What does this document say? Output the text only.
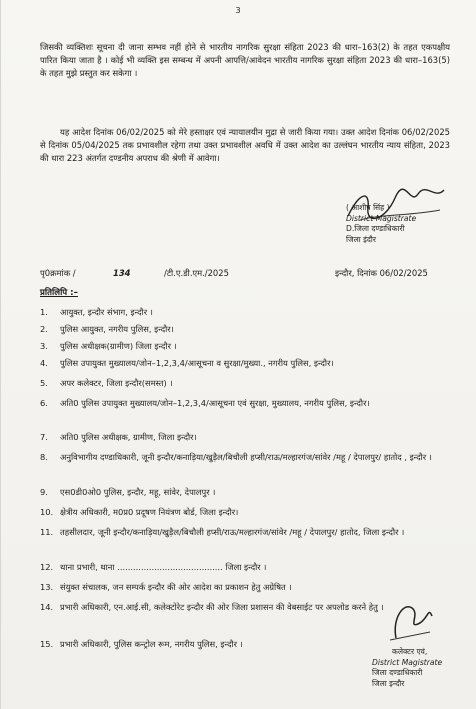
3
जिसकी व्यक्तिशः सूचना दी जाना सम्भव नहीं होने से भारतीय नागरिक सुरक्षा संहिता 2023 की धारा–163(2) के तहत एकपक्षीय पारित किया जाता है । कोई भी व्यक्ति इस सम्बन्ध में अपनी आपत्ति/आवेदन भारतीय नागरिक सुरक्षा संहिता 2023 की धारा–163(5) के तहत मुझे प्रस्तुत कर सकेगा ।
यह आदेश दिनांक 06/02/2025 को मेरे हस्ताक्षर एवं न्यायालयीन मुद्रा से जारी किया गया। उक्त आदेश दिनांक 06/02/2025 से दिनांक 05/04/2025 तक प्रभावशील रहेगा तथा उक्त प्रभावशील अवधि में उक्त आदेश का उल्लंघन भारतीय न्याय संहिता, 2023 की धारा 223 अंतर्गत दण्डनीय अपराध की श्रेणी में आवेगा।
( आशीष सिंह )
District Magistrate
D.जिला दण्डाधिकारी
जिला इंदौर
पृ0क्रमांक /	134	/टी.ए.डी.एम./2025	इन्दौर, दिनांक 06/02/2025
प्रतिलिपि :–
1.	आयुक्त, इन्दौर संभाग, इन्दौर ।
2.	पुलिस आयुक्त, नगरीय पुलिस, इन्दौर।
3.	पुलिस अधीक्षक(ग्रामीण) जिला इन्दौर ।
4.	पुलिस उपायुक्त मुख्यालय/जोन–1,2,3,4/आसूचना व सुरक्षा/मुख्या., नगरीय पुलिस, इन्दौर।
5.	अपर कलेक्टर, जिला इन्दौर(समस्त) ।
6.	अति0 पुलिस उपायुक्त मुख्यालय/जोन–1,2,3,4/आसूचना एवं सुरक्षा, मुख्यालय, नगरीय पुलिस, इन्दौर।
7.	अति0 पुलिस अधीक्षक, ग्रामीण, जिला इन्दौर।
8.	अनुविभागीय दण्डाधिकारी, जूनी इन्दौर/कनाड़िया/खुड़ैल/बिचौली हप्सी/राऊ/मल्हारगंज/सांवेर /महू / देपालपुर/ हातोद , इन्दौर ।
9.	एस0डी0ओ0 पुलिस, इन्दौर, महू, सांवेर, देपालपुर ।
10. क्षेत्रीय अधिकारी, म0प्र0 प्रदूषण नियंत्रण बोर्ड, जिला इन्दौर।
11. तहसीलदार, जूनी इन्दौर/कनाड़िया/खुड़ैल/बिचौली हप्सी/राऊ/मल्हारगंज/सांवेर /महू / देपालपुर/ हातोद, जिला इन्दौर ।
12. थाना प्रभारी, थाना ........................................ जिला इन्दौर ।
13. संयुक्त संचालक, जन सम्पर्क इन्दौर की ओर आदेश का प्रकाशन हेतु अग्रेषित ।
14. प्रभारी अधिकारी, एन.आई.सी, कलेक्टोरेट इन्दौर की ओर जिला प्रशासन की वेबसाईट पर अपलोड करने हेतु ।
15. प्रभारी अधिकारी, पुलिस कन्ट्रोल रूम, नगरीय पुलिस, इन्दौर ।
कलेक्टर एवं,
District Magistrate
जिला दण्डाधिकारी
जिला इन्दौर
